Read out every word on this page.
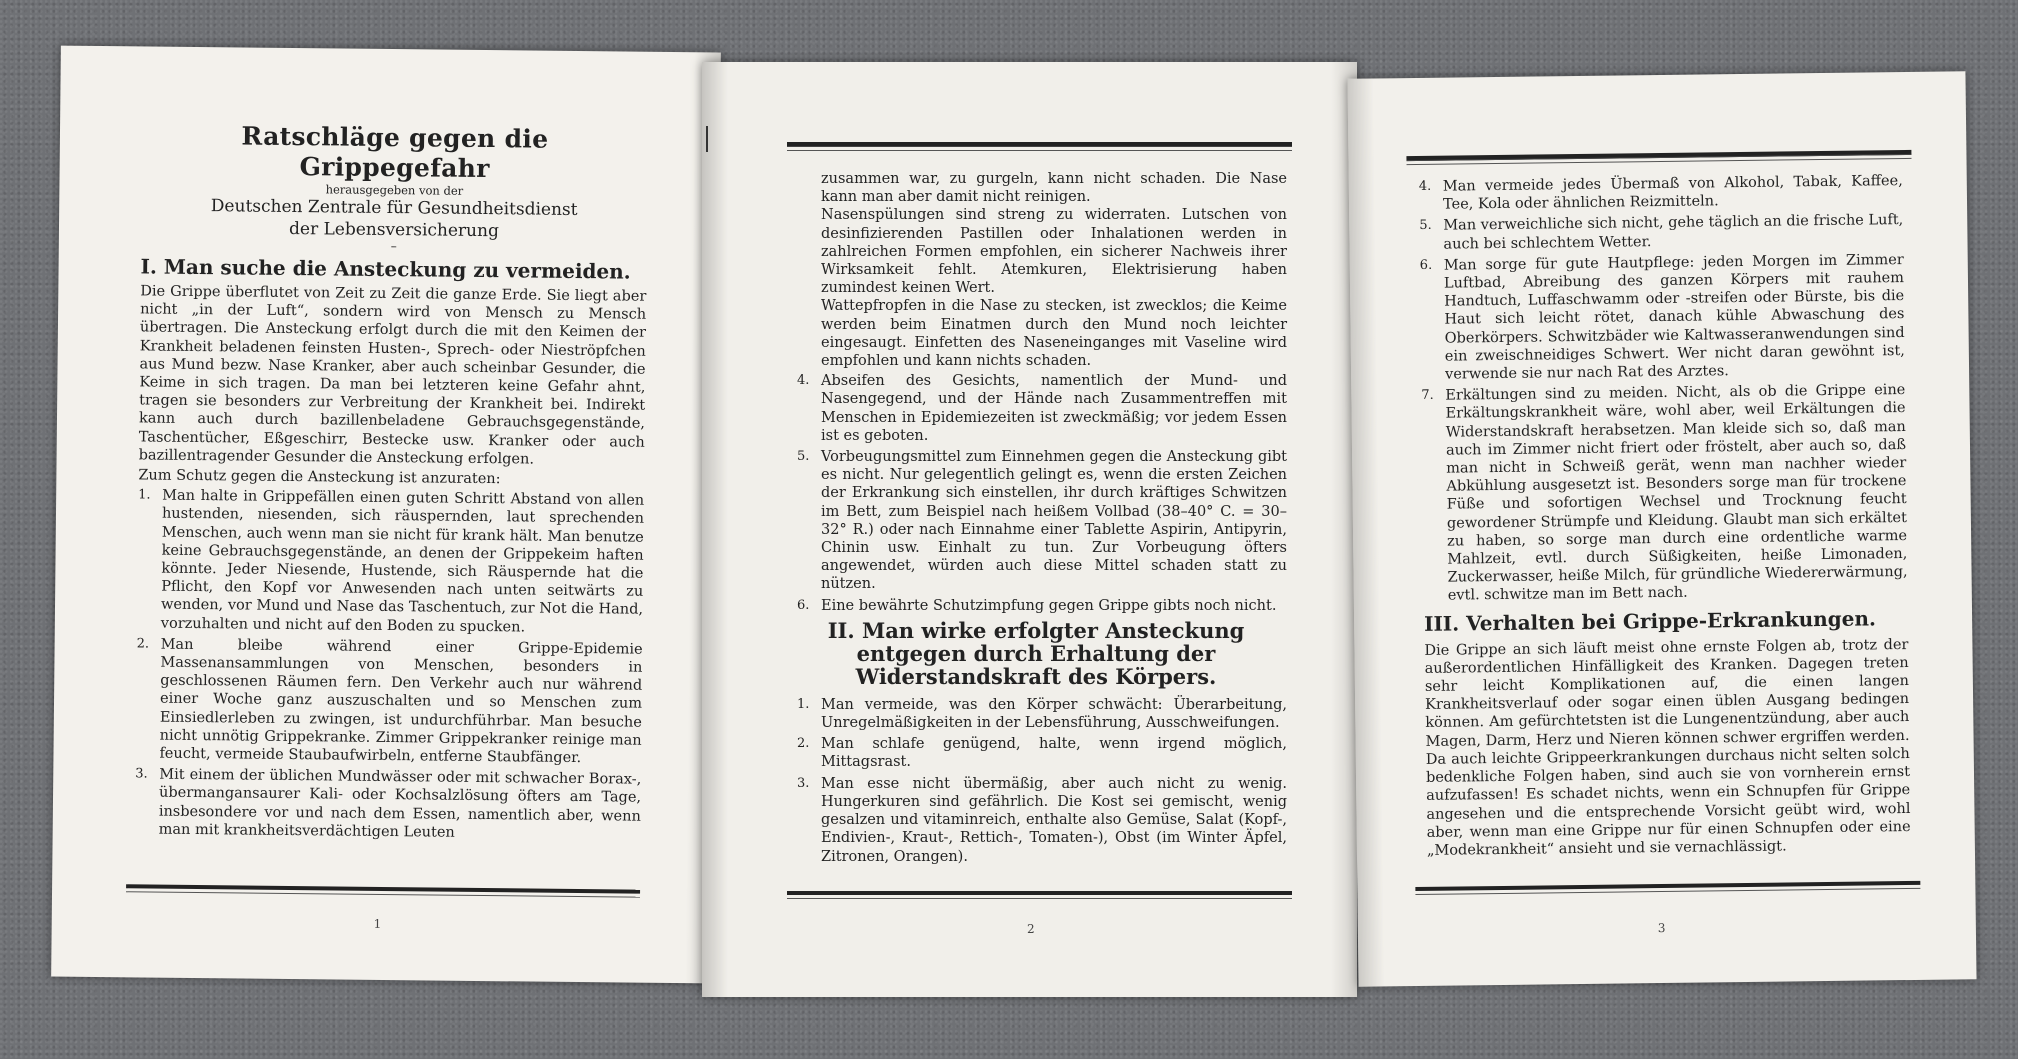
Ratschläge gegen die Grippegefahr
herausgegeben von der
Deutschen Zentrale für Gesundheitsdienst
der Lebensversicherung
–
I. Man suche die Ansteckung zu vermeiden.

Die Grippe überflutet von Zeit zu Zeit die ganze Erde. Sie liegt aber nicht „in der Luft“, sondern wird von Mensch zu Mensch übertragen. Die Ansteckung erfolgt durch die mit den Keimen der Krankheit beladenen feinsten Husten-, Sprech- oder Nieströpfchen aus Mund bezw. Nase Kranker, aber auch scheinbar Gesunder, die Keime in sich tragen. Da man bei letzteren keine Gefahr ahnt, tragen sie besonders zur Verbreitung der Krankheit bei. Indirekt kann auch durch bazillenbeladene Gebrauchsgegenstände, Taschentücher, Eßgeschirr, Bestecke usw. Kranker oder auch bazillentragender Gesunder die Ansteckung erfolgen.

Zum Schutz gegen die Ansteckung ist anzuraten:

1. Man halte in Grippefällen einen guten Schritt Abstand von allen hustenden, niesenden, sich räuspernden, laut sprechenden Menschen, auch wenn man sie nicht für krank hält. Man benutze keine Gebrauchsgegenstände, an denen der Grippekeim haften könnte. Jeder Niesende, Hustende, sich Räuspernde hat die Pflicht, den Kopf vor Anwesenden nach unten seitwärts zu wenden, vor Mund und Nase das Taschentuch, zur Not die Hand, vorzuhalten und nicht auf den Boden zu spucken.
2. Man bleibe während einer Grippe-Epidemie Massenansammlungen von Menschen, besonders in geschlossenen Räumen fern. Den Verkehr auch nur während einer Woche ganz auszuschalten und so Menschen zum Einsiedlerleben zu zwingen, ist undurchführbar. Man besuche nicht unnötig Grippekranke. Zimmer Grippekranker reinige man feucht, vermeide Staubaufwirbeln, entferne Staubfänger.
3. Mit einem der üblichen Mundwässer oder mit schwacher Borax-, übermangansaurer Kali- oder Kochsalzlösung öfters am Tage, insbesondere vor und nach dem Essen, namentlich aber, wenn man mit krankheitsverdächtigen Leuten
1
zusammen war, zu gurgeln, kann nicht schaden. Die Nase kann man aber damit nicht reinigen.
Nasenspülungen sind streng zu widerraten. Lutschen von desinfizierenden Pastillen oder Inhalationen werden in zahlreichen Formen empfohlen, ein sicherer Nachweis ihrer Wirksamkeit fehlt. Atemkuren, Elektrisierung haben zumindest keinen Wert.
Wattepfropfen in die Nase zu stecken, ist zwecklos; die Keime werden beim Einatmen durch den Mund noch leichter eingesaugt. Einfetten des Naseneinganges mit Vaseline wird empfohlen und kann nichts schaden.
4. Abseifen des Gesichts, namentlich der Mund- und Nasengegend, und der Hände nach Zusammentreffen mit Menschen in Epidemiezeiten ist zweckmäßig; vor jedem Essen ist es geboten.
5. Vorbeugungsmittel zum Einnehmen gegen die Ansteckung gibt es nicht. Nur gelegentlich gelingt es, wenn die ersten Zeichen der Erkrankung sich einstellen, ihr durch kräftiges Schwitzen im Bett, zum Beispiel nach heißem Vollbad (38–40° C. = 30–32° R.) oder nach Einnahme einer Tablette Aspirin, Antipyrin, Chinin usw. Einhalt zu tun. Zur Vorbeugung öfters angewendet, würden auch diese Mittel schaden statt zu nützen.
6. Eine bewährte Schutzimpfung gegen Grippe gibts noch nicht.
II. Man wirke erfolgter Ansteckung entgegen durch Erhaltung der Widerstandskraft des Körpers.
1. Man vermeide, was den Körper schwächt: Überarbeitung, Unregelmäßigkeiten in der Lebensführung, Ausschweifungen.
2. Man schlafe genügend, halte, wenn irgend möglich, Mittagsrast.
3. Man esse nicht übermäßig, aber auch nicht zu wenig. Hungerkuren sind gefährlich. Die Kost sei gemischt, wenig gesalzen und vitaminreich, enthalte also Gemüse, Salat (Kopf-, Endivien-, Kraut-, Rettich-, Tomaten-), Obst (im Winter Äpfel, Zitronen, Orangen).
2
4. Man vermeide jedes Übermaß von Alkohol, Tabak, Kaffee, Tee, Kola oder ähnlichen Reizmitteln.
5. Man verweichliche sich nicht, gehe täglich an die frische Luft, auch bei schlechtem Wetter.
6. Man sorge für gute Hautpflege: jeden Morgen im Zimmer Luftbad, Abreibung des ganzen Körpers mit rauhem Handtuch, Luffaschwamm oder -streifen oder Bürste, bis die Haut sich leicht rötet, danach kühle Abwaschung des Oberkörpers. Schwitzbäder wie Kaltwasseranwendungen sind ein zweischneidiges Schwert. Wer nicht daran gewöhnt ist, verwende sie nur nach Rat des Arztes.
7. Erkältungen sind zu meiden. Nicht, als ob die Grippe eine Erkältungskrankheit wäre, wohl aber, weil Erkältungen die Widerstandskraft herabsetzen. Man kleide sich so, daß man auch im Zimmer nicht friert oder fröstelt, aber auch so, daß man nicht in Schweiß gerät, wenn man nachher wieder Abkühlung ausgesetzt ist. Besonders sorge man für trockene Füße und sofortigen Wechsel und Trocknung feucht gewordener Strümpfe und Kleidung. Glaubt man sich erkältet zu haben, so sorge man durch eine ordentliche warme Mahlzeit, evtl. durch Süßigkeiten, heiße Limonaden, Zuckerwasser, heiße Milch, für gründliche Wiedererwärmung, evtl. schwitze man im Bett nach.
III. Verhalten bei Grippe-Erkrankungen.

Die Grippe an sich läuft meist ohne ernste Folgen ab, trotz der außerordentlichen Hinfälligkeit des Kranken. Dagegen treten sehr leicht Komplikationen auf, die einen langen Krankheitsverlauf oder sogar einen üblen Ausgang bedingen können. Am gefürchtetsten ist die Lungenentzündung, aber auch Magen, Darm, Herz und Nieren können schwer ergriffen werden. Da auch leichte Grippeerkrankungen durchaus nicht selten solch bedenkliche Folgen haben, sind auch sie von vornherein ernst aufzufassen! Es schadet nichts, wenn ein Schnupfen für Grippe angesehen und die entsprechende Vorsicht geübt wird, wohl aber, wenn man eine Grippe nur für einen Schnupfen oder eine „Modekrankheit“ ansieht und sie vernachlässigt.

3
